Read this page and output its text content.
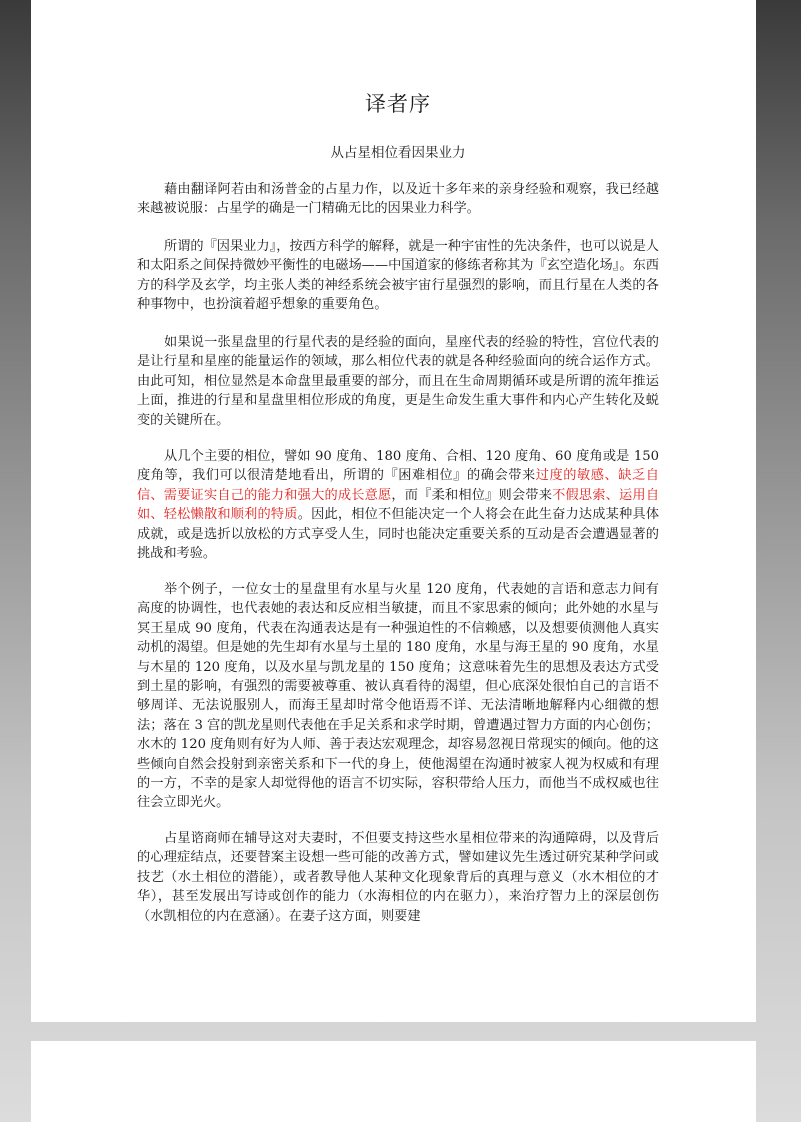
译者序

从占星相位看因果业力

藉由翻译阿若由和汤普金的占星力作，以及近十多年来的亲身经验和观察，我已经越来越被说服：占星学的确是一门精确无比的因果业力科学。

所谓的『因果业力』，按西方科学的解释，就是一种宇宙性的先决条件，也可以说是人和太阳系之间保持微妙平衡性的电磁场——中国道家的修练者称其为『玄空造化场』。东西方的科学及玄学，均主张人类的神经系统会被宇宙行星强烈的影响，而且行星在人类的各种事物中，也扮演着超乎想象的重要角色。

如果说一张星盘里的行星代表的是经验的面向，星座代表的经验的特性，宫位代表的是让行星和星座的能量运作的领域，那么相位代表的就是各种经验面向的统合运作方式。由此可知，相位显然是本命盘里最重要的部分，而且在生命周期循环或是所谓的流年推运上面，推进的行星和星盘里相位形成的角度，更是生命发生重大事件和内心产生转化及蜕变的关键所在。

从几个主要的相位，譬如 90 度角、180 度角、合相、120 度角、60 度角或是 150 度角等，我们可以很清楚地看出，所谓的『困难相位』的确会带来过度的敏感、缺乏自信、需要证实自己的能力和强大的成长意愿，而『柔和相位』则会带来不假思索、运用自如、轻松懒散和顺利的特质。因此，相位不但能决定一个人将会在此生奋力达成某种具体成就，或是选折以放松的方式享受人生，同时也能决定重要关系的互动是否会遭遇显著的挑战和考验。

举个例子，一位女士的星盘里有水星与火星 120 度角，代表她的言语和意志力间有高度的协调性，也代表她的表达和反应相当敏捷，而且不家思索的倾向；此外她的水星与冥王星成 90 度角，代表在沟通表达是有一种强迫性的不信赖感，以及想要侦测他人真实动机的渴望。但是她的先生却有水星与土星的 180 度角，水星与海王星的 90 度角，水星与木星的 120 度角，以及水星与凯龙星的 150 度角；这意味着先生的思想及表达方式受到土星的影响，有强烈的需要被尊重、被认真看待的渴望，但心底深处很怕自己的言语不够周详、无法说服别人，而海王星却时常令他语焉不详、无法清晰地解释内心细微的想法；落在 3 宫的凯龙星则代表他在手足关系和求学时期，曾遭遇过智力方面的内心创伤；水木的 120 度角则有好为人师、善于表达宏观理念，却容易忽视日常现实的倾向。他的这些倾向自然会投射到亲密关系和下一代的身上，使他渴望在沟通时被家人视为权威和有理的一方，不幸的是家人却觉得他的语言不切实际，容积带给人压力，而他当不成权威也往往会立即光火。

占星谘商师在辅导这对夫妻时，不但要支持这些水星相位带来的沟通障碍，以及背后的心理症结点，还要替案主设想一些可能的改善方式，譬如建议先生透过研究某种学问或技艺（水土相位的潜能），或者教导他人某种文化现象背后的真理与意义（水木相位的才华），甚至发展出写诗或创作的能力（水海相位的内在驱力），来治疗智力上的深层创伤（水凯相位的内在意涵）。在妻子这方面，则要建
